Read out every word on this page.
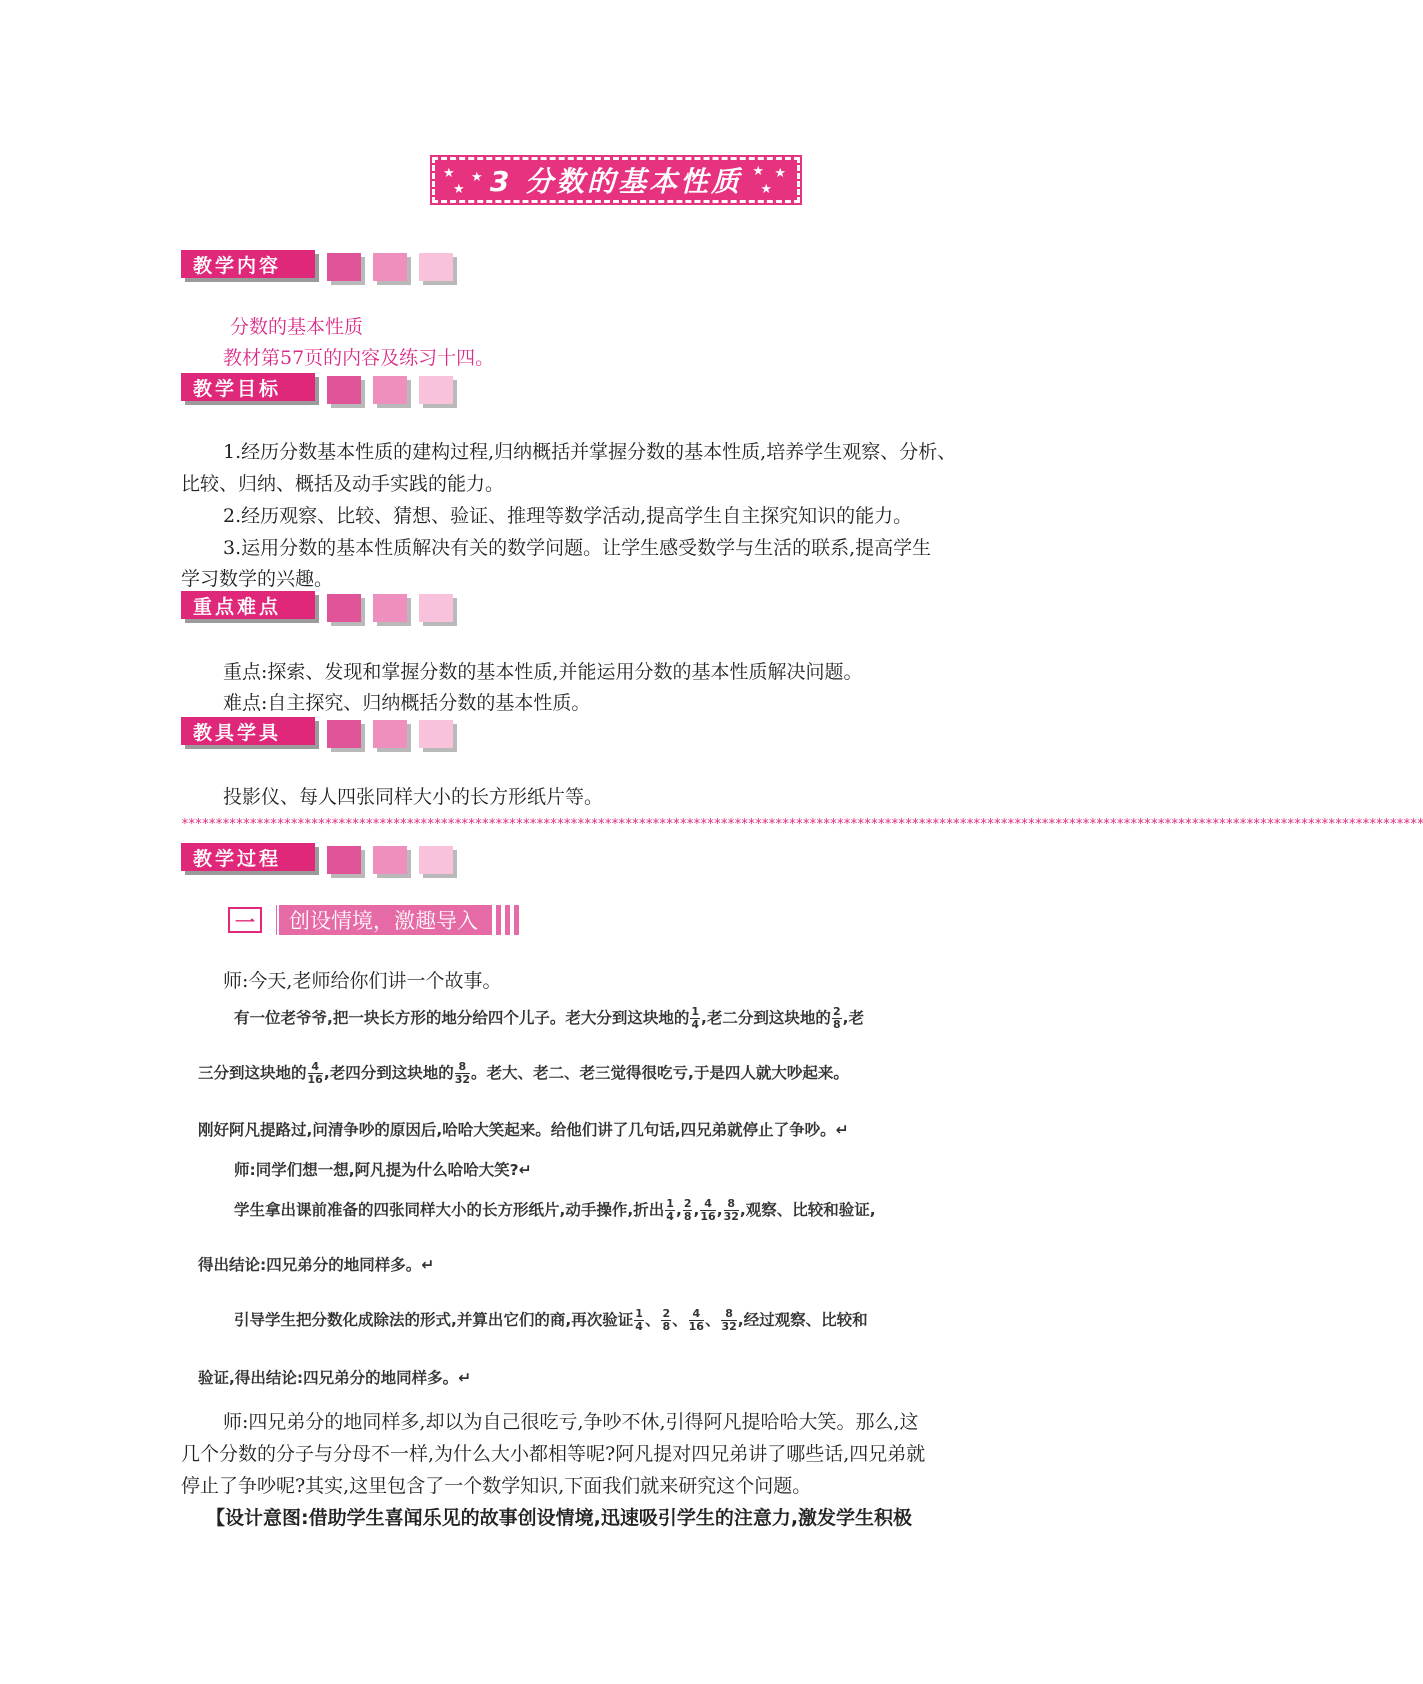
★
★
★ 3 分数的基本性质 ★
★
★
教学内容
分数的基本性质
教材第57页的内容及练习十四。
教学目标
1.经历分数基本性质的建构过程,归纳概括并掌握分数的基本性质,培养学生观察、分析、
比较、归纳、概括及动手实践的能力。
2.经历观察、比较、猜想、验证、推理等数学活动,提高学生自主探究知识的能力。
3.运用分数的基本性质解决有关的数学问题。让学生感受数学与生活的联系,提高学生
学习数学的兴趣。
重点难点
重点:探索、发现和掌握分数的基本性质,并能运用分数的基本性质解决问题。
难点:自主探究、归纳概括分数的基本性质。
教具学具
投影仪、每人四张同样大小的长方形纸片等。
**************************************************************************************************************************************************************************************
教学过程
一	创设情境，激趣导入
师:今天,老师给你们讲一个故事。
有一位老爷爷,把一块长方形的地分给四个儿子。老大分到这块地的 $\frac{1}{4}$ ,老二分到这块地的 $\frac{2}{8}$ ,老
三分到这块地的 $\frac{4}{16}$ ,老四分到这块地的 $\frac{8}{32}$ 。老大、老二、老三觉得很吃亏,于是四人就大吵起来。
刚好阿凡提路过,问清争吵的原因后,哈哈大笑起来。给他们讲了几句话,四兄弟就停止了争吵。↵
师:同学们想一想,阿凡提为什么哈哈大笑?↵
学生拿出课前准备的四张同样大小的长方形纸片,动手操作,折出 $\frac{1}{4}$ , $\frac{2}{8}$ , $\frac{4}{16}$ , $\frac{8}{32}$ ,观察、比较和验证,
得出结论:四兄弟分的地同样多。↵
引导学生把分数化成除法的形式,并算出它们的商,再次验证 $\frac{1}{4}$ 、 $\frac{2}{8}$ 、 $\frac{4}{16}$ 、 $\frac{8}{32}$ ,经过观察、比较和
验证,得出结论:四兄弟分的地同样多。↵
师:四兄弟分的地同样多,却以为自己很吃亏,争吵不休,引得阿凡提哈哈大笑。那么,这
几个分数的分子与分母不一样,为什么大小都相等呢?阿凡提对四兄弟讲了哪些话,四兄弟就
停止了争吵呢?其实,这里包含了一个数学知识,下面我们就来研究这个问题。
【设计意图:借助学生喜闻乐见的故事创设情境,迅速吸引学生的注意力,激发学生积极
